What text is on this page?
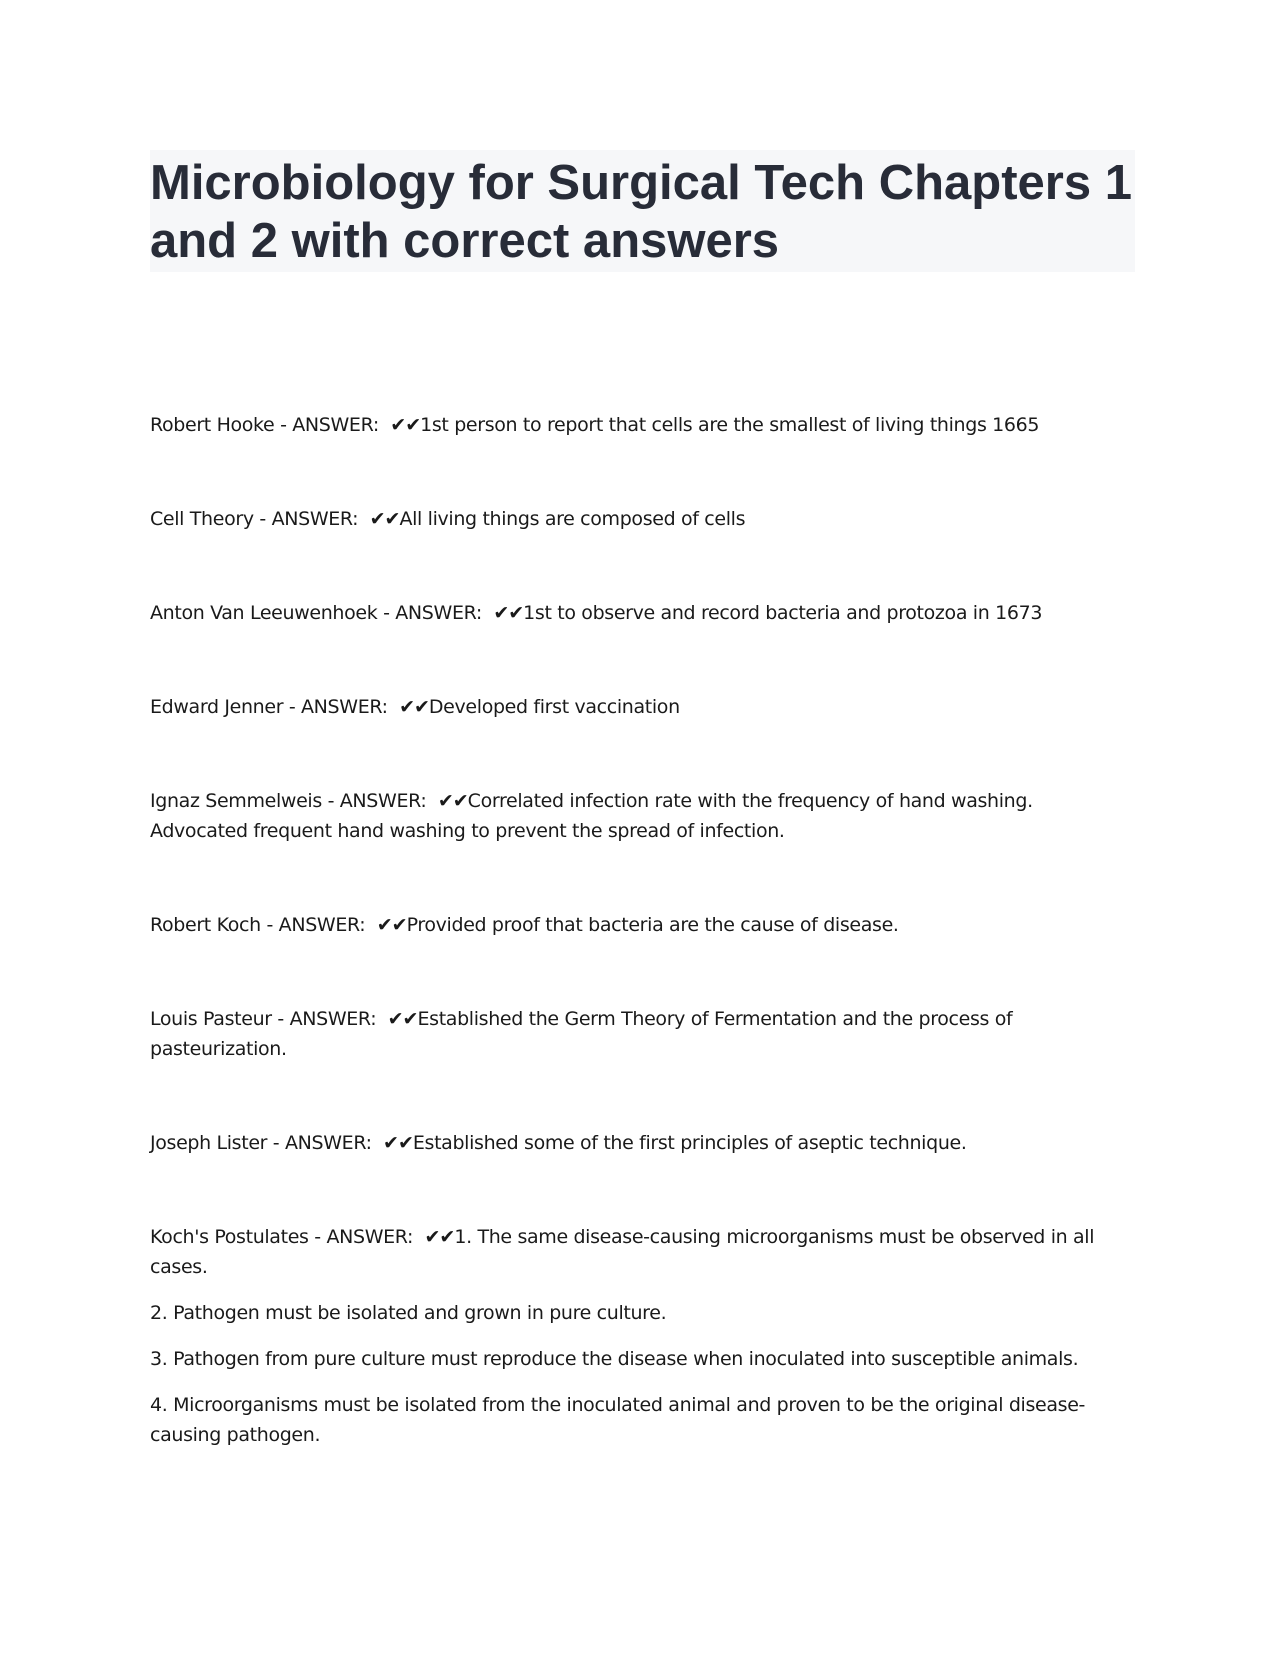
Microbiology for Surgical Tech Chapters 1 and 2 with correct answers

Robert Hooke - ANSWER: ✔✔1st person to report that cells are the smallest of living things 1665

Cell Theory - ANSWER: ✔✔All living things are composed of cells

Anton Van Leeuwenhoek - ANSWER: ✔✔1st to observe and record bacteria and protozoa in 1673

Edward Jenner - ANSWER: ✔✔Developed first vaccination

Ignaz Semmelweis - ANSWER: ✔✔Correlated infection rate with the frequency of hand washing. Advocated frequent hand washing to prevent the spread of infection.

Robert Koch - ANSWER: ✔✔Provided proof that bacteria are the cause of disease.

Louis Pasteur - ANSWER: ✔✔Established the Germ Theory of Fermentation and the process of pasteurization.

Joseph Lister - ANSWER: ✔✔Established some of the first principles of aseptic technique.

Koch's Postulates - ANSWER: ✔✔1. The same disease-causing microorganisms must be observed in all cases.

2. Pathogen must be isolated and grown in pure culture.

3. Pathogen from pure culture must reproduce the disease when inoculated into susceptible animals.

4. Microorganisms must be isolated from the inoculated animal and proven to be the original disease-causing pathogen.
